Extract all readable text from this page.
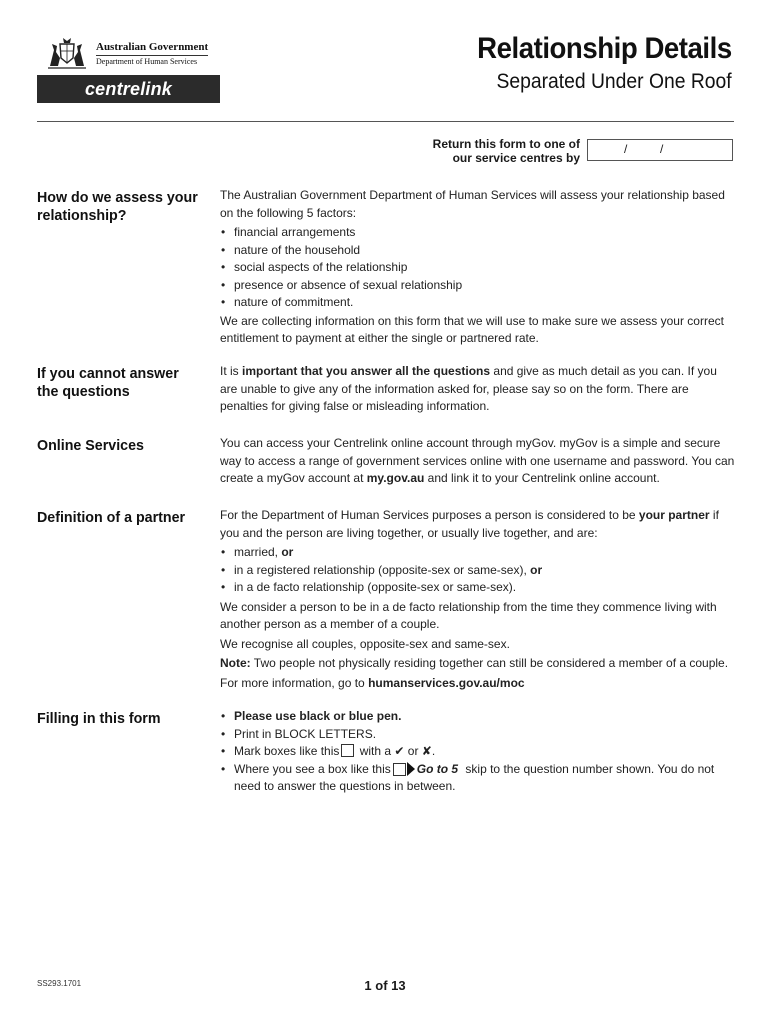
Australian Government
Department of Human Services
centrelink
Relationship Details
Separated Under One Roof
Return this form to one of
our service centres by
/	/
How do we assess your relationship?

The Australian Government Department of Human Services will assess your relationship based on the following 5 factors:

• financial arrangements
• nature of the household
• social aspects of the relationship
• presence or absence of sexual relationship
• nature of commitment.

We are collecting information on this form that we will use to make sure we assess your correct entitlement to payment at either the single or partnered rate.

If you cannot answer the questions

It is important that you answer all the questions and give as much detail as you can. If you are unable to give any of the information asked for, please say so on the form. There are penalties for giving false or misleading information.

Online Services	You can access your Centrelink online account through myGov. myGov is a simple and secure way to access a range of government services online with one username and password. You can create a myGov account at my.gov.au and link it to your Centrelink online account.

Definition of a partner	For the Department of Human Services purposes a person is considered to be your partner if you and the person are living together, or usually live together, and are:

• married, or
• in a registered relationship (opposite-sex or same-sex), or
• in a de facto relationship (opposite-sex or same-sex).

We consider a person to be in a de facto relationship from the time they commence living with another person as a member of a couple.

We recognise all couples, opposite-sex and same-sex.

Note: Two people not physically residing together can still be considered a member of a couple.

For more information, go to humanservices.gov.au/moc

Filling in this form
•	Please use black or blue pen.
• Print in BLOCK LETTERS.
• Mark boxes like this with a ✔ or ✘.
• Where you see a box like this Go to 5 skip to the question number shown. You do not need to answer the questions in between.
SS293.1701	1 of 13
